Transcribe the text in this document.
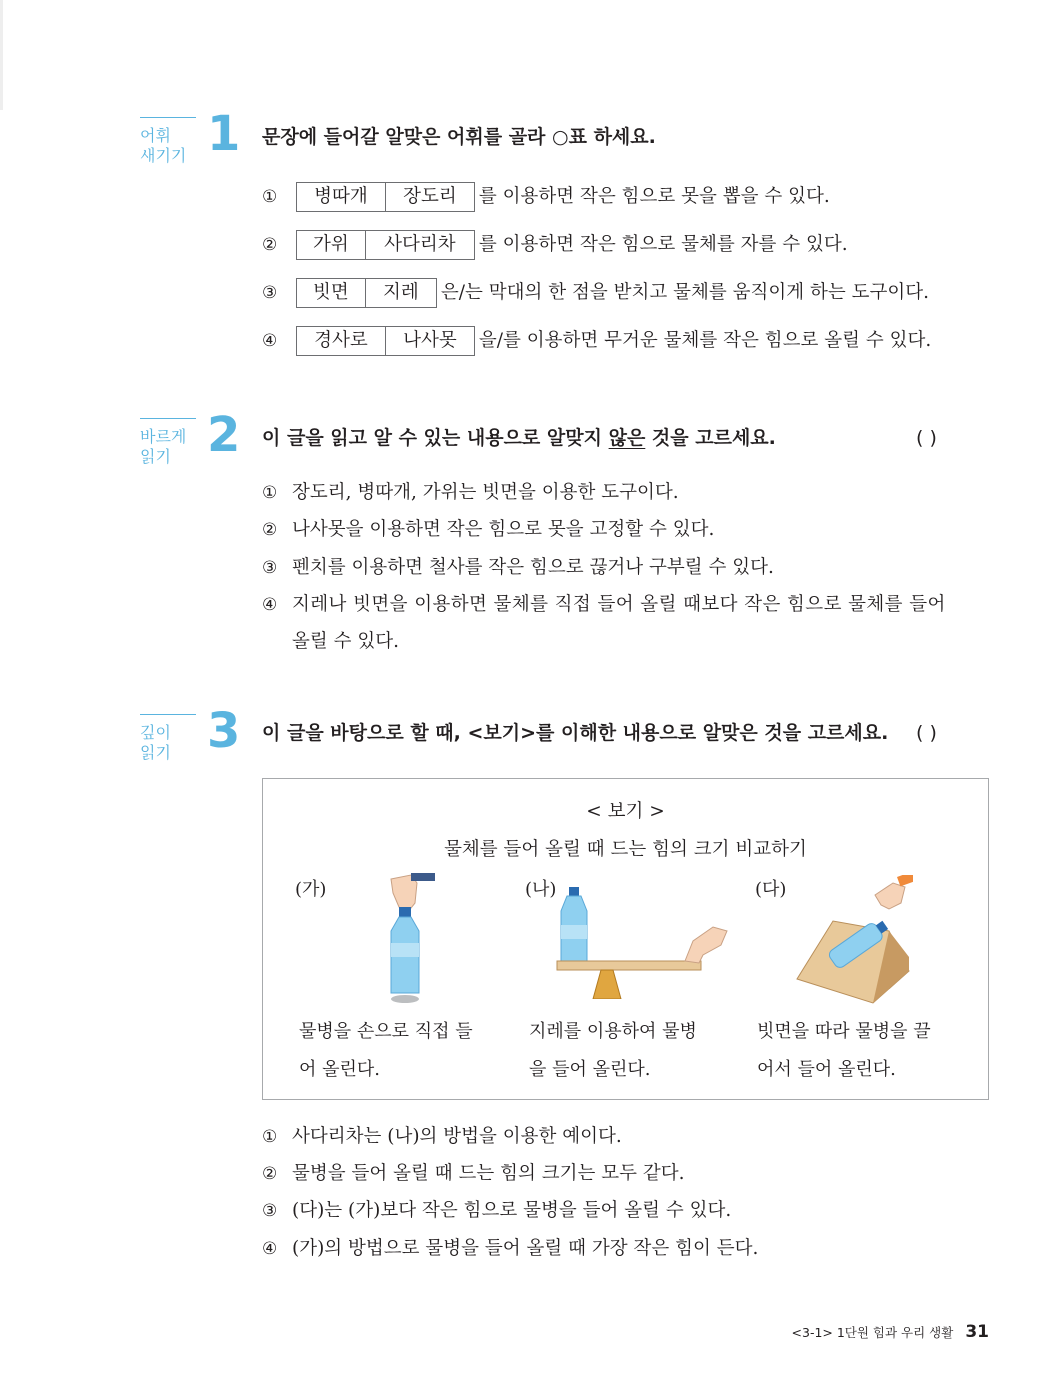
어휘
새기기 1 문장에 들어갈 알맞은 어휘를 골라 ○표 하세요.
①	병따개	장도리	를 이용하면 작은 힘으로 못을 뽑을 수 있다.
②	가위	사다리차	를 이용하면 작은 힘으로 물체를 자를 수 있다.
③	빗면	지레	은/는 막대의 한 점을 받치고 물체를 움직이게 하는 도구이다.
④	경사로	나사못	을/를 이용하면 무거운 물체를 작은 힘으로 올릴 수 있다.
바르게
읽기 2 이 글을 읽고 알 수 있는 내용으로 알맞지 않은 것을 고르세요.	( )
① 장도리, 병따개, 가위는 빗면을 이용한 도구이다.
② 나사못을 이용하면 작은 힘으로 못을 고정할 수 있다.
③ 펜치를 이용하면 철사를 작은 힘으로 끊거나 구부릴 수 있다.
④ 지레나 빗면을 이용하면 물체를 직접 들어 올릴 때보다 작은 힘으로 물체를 들어
올릴 수 있다.
깊이
읽기 3 이 글을 바탕으로 할 때, <보기>를 이해한 내용으로 알맞은 것을 고르세요. ( )
< 보기 >
물체를 들어 올릴 때 드는 힘의 크기 비교하기
(가)	(나)	(다)
물병을 손으로 직접 들
어 올린다.
지레를 이용하여 물병
을 들어 올린다.
빗면을 따라 물병을 끌
어서 들어 올린다.
① 사다리차는 (나)의 방법을 이용한 예이다.
② 물병을 들어 올릴 때 드는 힘의 크기는 모두 같다.
③ (다)는 (가)보다 작은 힘으로 물병을 들어 올릴 수 있다.
④ (가)의 방법으로 물병을 들어 올릴 때 가장 작은 힘이 든다.
<3-1> 1단원 힘과 우리 생활 31
